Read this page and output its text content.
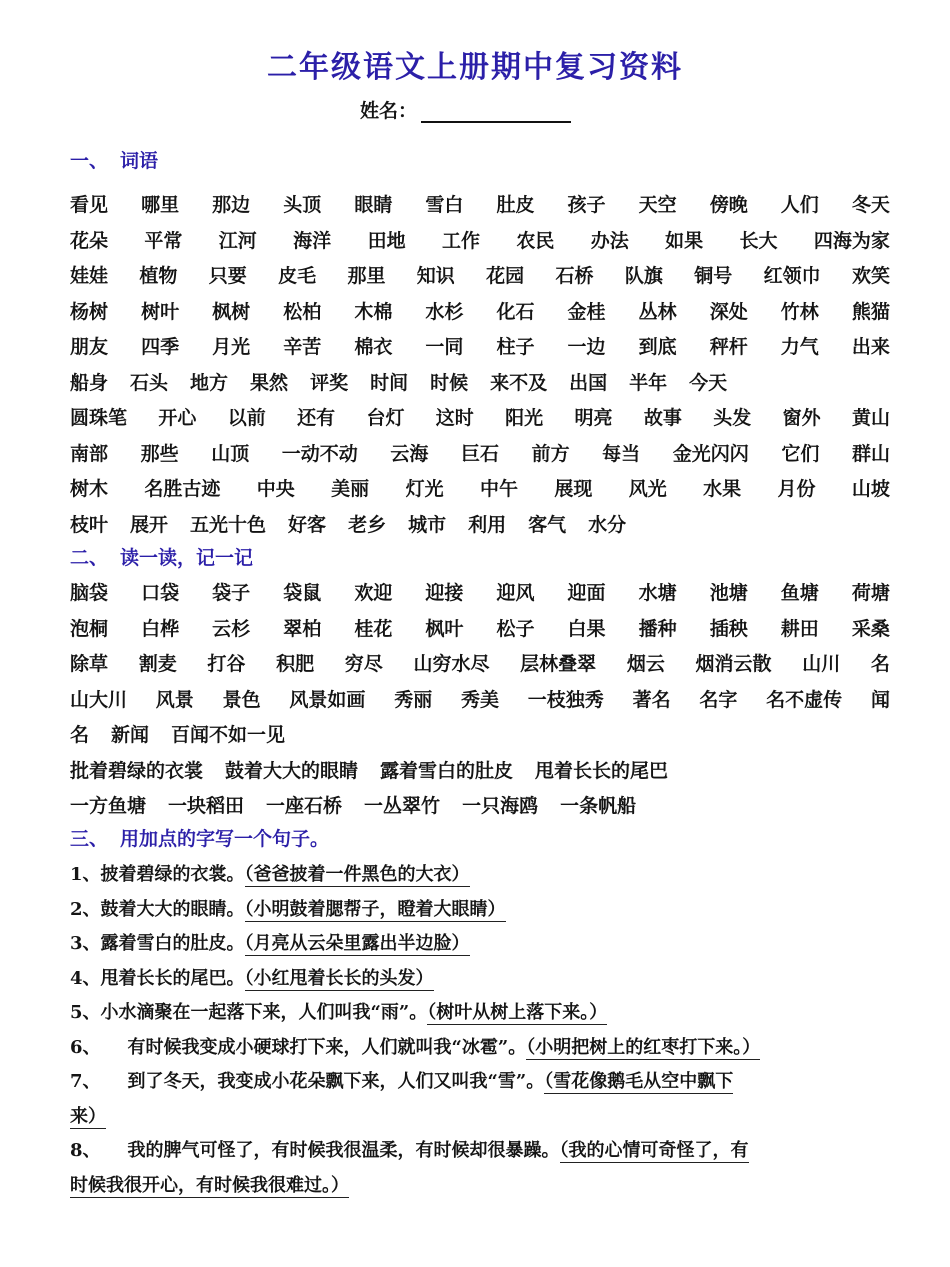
二年级语文上册期中复习资料
姓名：
一、 词语
二、 读一读，记一记
三、 用加点的字写一个句子。
看见 哪里 那边 头顶 眼睛 雪白 肚皮 孩子 天空 傍晚 人们 冬天
花朵 平常 江河 海洋 田地 工作 农民 办法 如果 长大 四海为家
娃娃 植物 只要 皮毛 那里 知识 花园 石桥 队旗 铜号 红领巾 欢笑
杨树 树叶 枫树 松柏 木棉 水杉 化石 金桂 丛林 深处 竹林 熊猫
朋友 四季 月光 辛苦 棉衣 一同 柱子 一边 到底 秤杆 力气 出来
船身 石头 地方 果然 评奖 时间 时候 来不及 出国 半年 今天
圆珠笔 开心 以前 还有 台灯 这时 阳光 明亮 故事 头发 窗外 黄山
南部 那些 山顶 一动不动 云海 巨石 前方 每当 金光闪闪 它们 群山
树木 名胜古迹 中央 美丽 灯光 中午 展现 风光 水果 月份 山坡
枝叶 展开 五光十色 好客 老乡 城市 利用 客气 水分
脑袋 口袋 袋子 袋鼠 欢迎 迎接 迎风 迎面 水塘 池塘 鱼塘 荷塘
泡桐 白桦 云杉 翠柏 桂花 枫叶 松子 白果 播种 插秧 耕田 采桑
除草 割麦 打谷 积肥 穷尽 山穷水尽 层林叠翠 烟云 烟消云散 山川 名
山大川 风景 景色 风景如画 秀丽 秀美 一枝独秀 著名 名字 名不虚传 闻
名 新闻 百闻不如一见
批着碧绿的衣裳 鼓着大大的眼睛 露着雪白的肚皮 甩着长长的尾巴
一方鱼塘 一块稻田 一座石桥 一丛翠竹 一只海鸥 一条帆船
1、披着碧绿的衣裳。（爸爸披着一件黑色的大衣）
2、鼓着大大的眼睛。（小明鼓着腮帮子，瞪着大眼睛）
3、露着雪白的肚皮。（月亮从云朵里露出半边脸）
4、甩着长长的尾巴。（小红甩着长长的头发）
5、小水滴聚在一起落下来，人们叫我“雨”。（树叶从树上落下来。）
6、　　有时候我变成小硬球打下来，人们就叫我“冰雹”。（小明把树上的红枣打下来。）
7、　　到了冬天，我变成小花朵飘下来，人们又叫我“雪”。（雪花像鹅毛从空中飘下
来）
8、　　我的脾气可怪了，有时候我很温柔，有时候却很暴躁。（我的心情可奇怪了，有
时候我很开心，有时候我很难过。）
